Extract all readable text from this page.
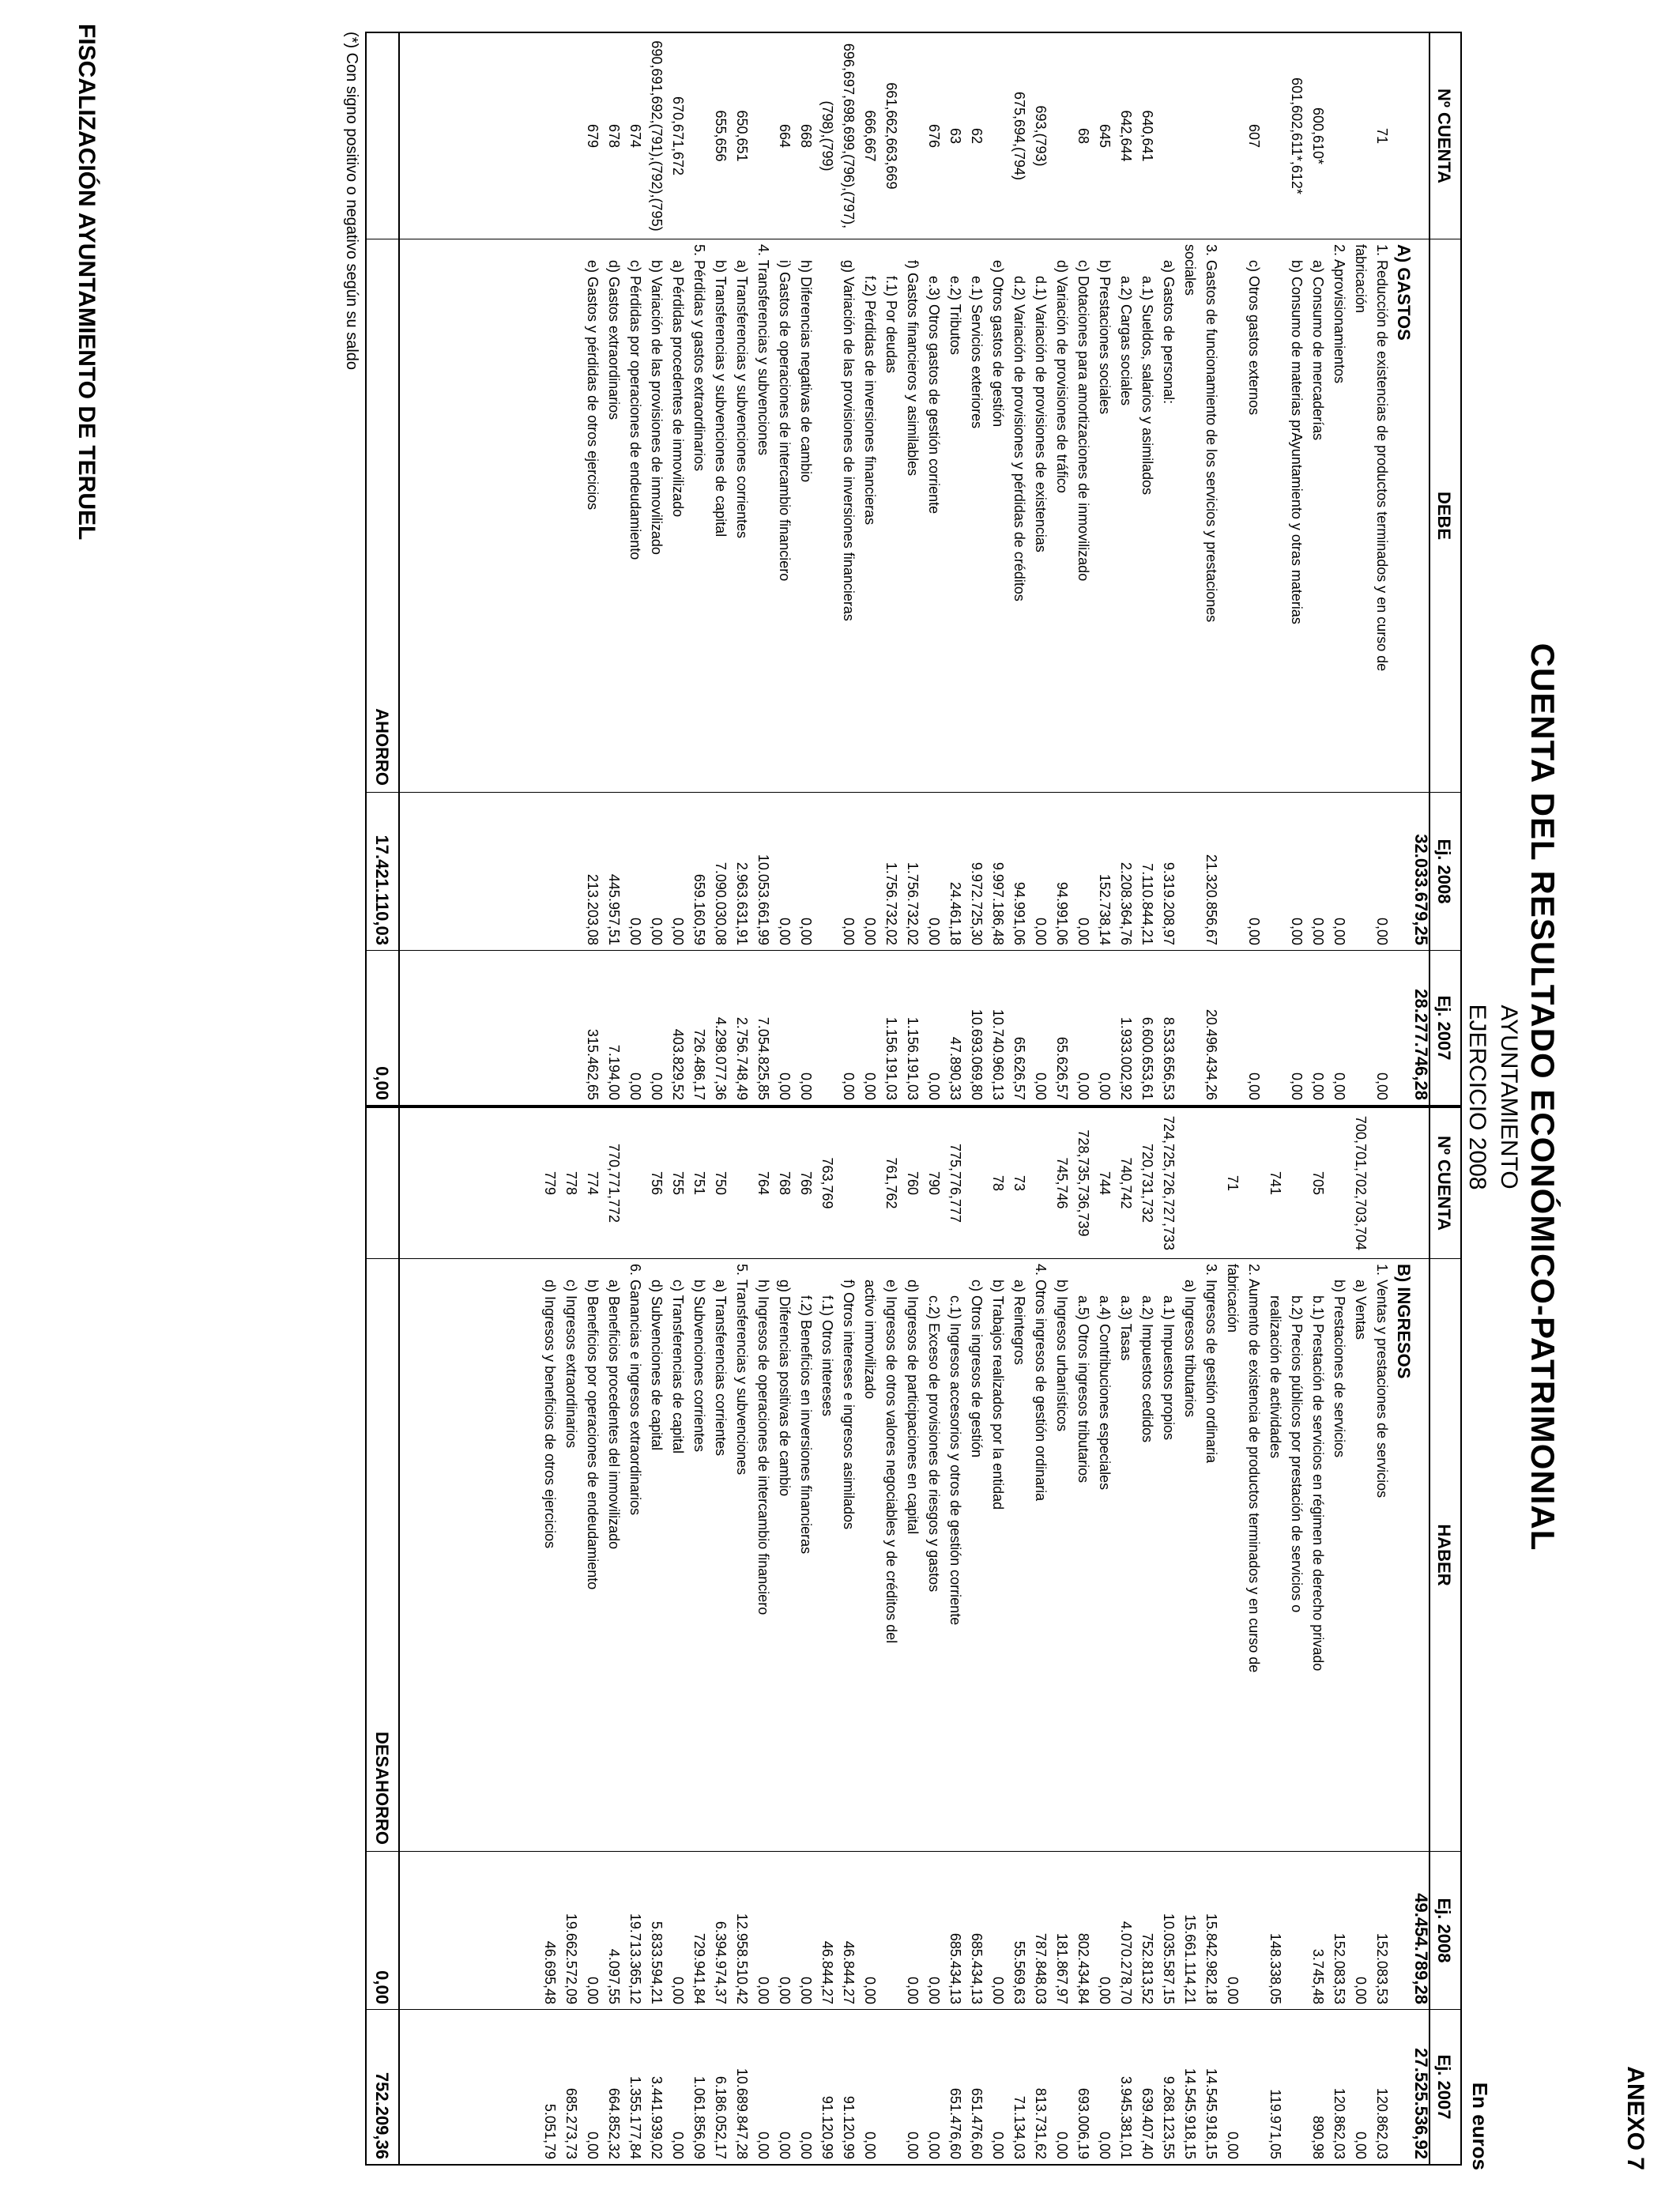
FISCALIZACIÓN AYUNTAMIENTO DE TERUEL
ANEXO 7
CUENTA DEL RESULTADO ECONÓMICO-PATRIMONIAL
AYUNTAMIENTO
EJERCICIO 2008
En euros
Nº CUENTA
71
600,610*
601,602,611*,612*
607
640,641
642,644
645
68
693,(793)
675,694,(794)
62
63
676
661,662,663,669
666,667
696,697,698,699,(796),(797),
(798),(799)
668
664
650,651
655,656
670,671,672
690,691,692,(791),(792),(795)
674
678
679
DEBE
A) GASTOS
1. Reducción de existencias de productos terminados y en curso de
fabricación
2. Aprovisionamientos
a) Consumo de mercaderías
b) Consumo de materias prAyuntamiento y otras materias
c) Otros gastos externos
3. Gastos de funcionamiento de los servicios y prestaciones
sociales
a) Gastos de personal:
a.1) Sueldos, salarios y asimilados
a.2) Cargas sociales
b) Prestaciones sociales
c) Dotaciones para amortizaciones de inmovilizado
d) Variación de provisiones de tráfico
d.1) Variación de provisiones de existencias
d.2) Variación de provisiones y pérdidas de créditos
e) Otros gastos de gestión
e.1) Servicios exteriores
e.2) Tributos
e.3) Otros gastos de gestión corriente
f) Gastos financieros y asimilables
f.1) Por deudas
f.2) Pérdidas de inversiones financieras
g) Variación de las provisiones de inversiones financieras
h) Diferencias negativas de cambio
i) Gastos de operaciones de intercambio financiero
4. Transferencias y subvenciones
a) Transferencias y subvenciones corrientes
b) Transferencias y subvenciones de capital
5. Pérdidas y gastos extraordinarios
a) Pérdidas procedentes de inmovilizado
b) Variación de las provisiones de inmovilizado
c) Pérdidas por operaciones de endeudamiento
d) Gastos extraordinarios
e) Gastos y pérdidas de otros ejercicios
AHORRO
Ej. 2008
32.033.679,25
0,00
0,00
0,00
0,00
0,00
21.320.856,67
9.319.208,97
7.110.844,21
2.208.364,76
152.738,14
0,00
94.991,06
0,00
94.991,06
9.997.186,48
9.972.725,30
24.461,18
0,00
1.756.732,02
1.756.732,02
0,00
0,00
0,00
0,00
10.053.661,99
2.963.631,91
7.090.030,08
659.160,59
0,00
0,00
0,00
445.957,51
213.203,08
17.421.110,03
Ej. 2007
28.277.746,28
0,00
0,00
0,00
0,00
0,00
20.496.434,26
8.533.656,53
6.600.653,61
1.933.002,92
0,00
0,00
65.626,57
0,00
65.626,57
10.740.960,13
10.693.069,80
47.890,33
0,00
1.156.191,03
1.156.191,03
0,00
0,00
0,00
0,00
7.054.825,85
2.756.748,49
4.298.077,36
726.486,17
403.829,52
0,00
0,00
7.194,00
315.462,65
0,00
Nº CUENTA
700,701,702,703,704
705
741
71
724,725,726,727,733
720,731,732
740,742
744
728,735,736,739
745,746
73
78
775,776,777
790
760
761,762
763,769
766
768
764
750
751
755
756
770,771,772
774
778
779
HABER
B) INGRESOS
1. Ventas y prestaciones de servicios
a) Ventas
b) Prestaciones de servicios
b.1) Prestación de servicios en régimen de derecho privado
b.2) Precios públicos por prestación de servicios o
realización de actividades
2. Aumento de existencia de productos terminados y en curso de
fabricación
3. Ingresos de gestión ordinaria
a) Ingresos tributarios
a.1) Impuestos propios
a.2) Impuestos cedidos
a.3) Tasas
a.4) Contribuciones especiales
a.5) Otros ingresos tributarios
b) Ingresos urbanísticos
4. Otros ingresos de gestión ordinaria
a) Reintegros
b) Trabajos realizados por la entidad
c) Otros ingresos de gestión
c.1) Ingresos accesorios y otros de gestión corriente
c.2) Exceso de provisiones de riesgos y gastos
d) Ingresos de participaciones en capital
e) Ingresos de otros valores negociables y de créditos del
activo inmovilizado
f) Otros intereses e ingresos asimilados
f.1) Otros intereses
f.2) Beneficios en inversiones financieras
g) Diferencias positivas de cambio
h) Ingresos de operaciones de intercambio financiero
5. Transferencias y subvenciones
a) Transferencias corrientes
b) Subvenciones corrientes
c) Transferencias de capital
d) Subvenciones de capital
6. Ganancias e ingresos extraordinarios
a) Beneficios procedentes del inmovilizado
b) Beneficios por operaciones de endeudamiento
c) Ingresos extraordinarios
d) Ingresos y beneficios de otros ejercicios
DESAHORRO
Ej. 2008
49.454.789,28
152.083,53
0,00
152.083,53
3.745,48
148.338,05
0,00
15.842.982,18
15.661.114,21
10.035.587,15
752.813,52
4.070.278,70
0,00
802.434,84
181.867,97
787.848,03
55.569,63
0,00
685.434,13
685.434,13
0,00
0,00
0,00
46.844,27
46.844,27
0,00
0,00
0,00
12.958.510,42
6.394.974,37
729.941,84
0,00
5.833.594,21
19.713.365,12
4.097,55
0,00
19.662.572,09
46.695,48
0,00
Ej. 2007
27.525.536,92
120.862,03
0,00
120.862,03
890,98
119.971,05
0,00
14.545.918,15
14.545.918,15
9.268.123,55
639.407,40
3.945.381,01
0,00
693.006,19
0,00
813.731,62
71.134,03
0,00
651.476,60
651.476,60
0,00
0,00
0,00
91.120,99
91.120,99
0,00
0,00
0,00
10.689.847,28
6.186.052,17
1.061.856,09
0,00
3.441.939,02
1.355.177,84
664.852,32
0,00
685.273,73
5.051,79
752.209,36
(*) Con signo positivo o negativo según su saldo
